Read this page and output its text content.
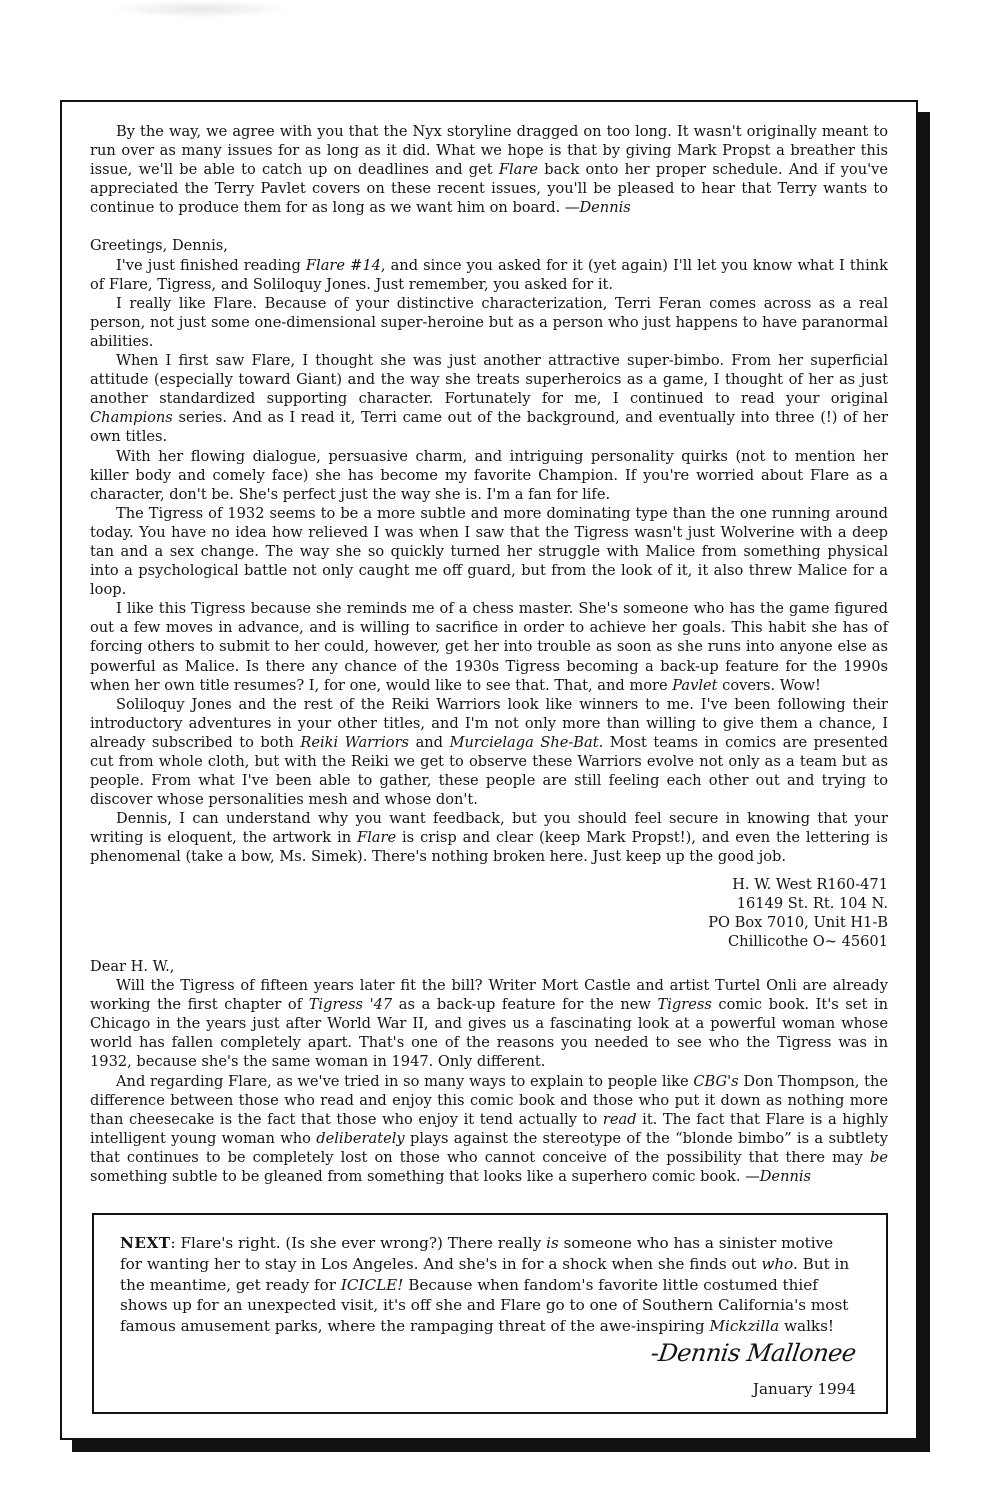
By the way, we agree with you that the Nyx storyline dragged on too long. It wasn't originally meant to run over as many issues for as long as it did. What we hope is that by giving Mark Propst a breather this issue, we'll be able to catch up on deadlines and get Flare back onto her proper schedule. And if you've appreciated the Terry Pavlet covers on these recent issues, you'll be pleased to hear that Terry wants to continue to produce them for as long as we want him on board. —Dennis

Greetings, Dennis,

I've just finished reading Flare #14, and since you asked for it (yet again) I'll let you know what I think of Flare, Tigress, and Soliloquy Jones. Just remember, you asked for it.

I really like Flare. Because of your distinctive characterization, Terri Feran comes across as a real person, not just some one-dimensional super-heroine but as a person who just happens to have paranormal abilities.

When I first saw Flare, I thought she was just another attractive super-bimbo. From her superficial attitude (especially toward Giant) and the way she treats superheroics as a game, I thought of her as just another standardized supporting character. Fortunately for me, I continued to read your original Champions series. And as I read it, Terri came out of the background, and eventually into three (!) of her own titles.

With her flowing dialogue, persuasive charm, and intriguing personality quirks (not to mention her killer body and comely face) she has become my favorite Champion. If you're worried about Flare as a character, don't be. She's perfect just the way she is. I'm a fan for life.

The Tigress of 1932 seems to be a more subtle and more dominating type than the one running around today. You have no idea how relieved I was when I saw that the Tigress wasn't just Wolverine with a deep tan and a sex change. The way she so quickly turned her struggle with Malice from something physical into a psychological battle not only caught me off guard, but from the look of it, it also threw Malice for a loop.

I like this Tigress because she reminds me of a chess master. She's someone who has the game figured out a few moves in advance, and is willing to sacrifice in order to achieve her goals. This habit she has of forcing others to submit to her could, however, get her into trouble as soon as she runs into anyone else as powerful as Malice. Is there any chance of the 1930s Tigress becoming a back-up feature for the 1990s when her own title resumes? I, for one, would like to see that. That, and more Pavlet covers. Wow!

Soliloquy Jones and the rest of the Reiki Warriors look like winners to me. I've been following their introductory adventures in your other titles, and I'm not only more than willing to give them a chance, I already subscribed to both Reiki Warriors and Murcielaga She-Bat. Most teams in comics are presented cut from whole cloth, but with the Reiki we get to observe these Warriors evolve not only as a team but as people. From what I've been able to gather, these people are still feeling each other out and trying to discover whose personalities mesh and whose don't.

Dennis, I can understand why you want feedback, but you should feel secure in knowing that your writing is eloquent, the artwork in Flare is crisp and clear (keep Mark Propst!), and even the lettering is phenomenal (take a bow, Ms. Simek). There's nothing broken here. Just keep up the good job.

H. W. West R160-471
16149 St. Rt. 104 N.
PO Box 7010, Unit H1-B
Chillicothe O~ 45601

Dear H. W.,

Will the Tigress of fifteen years later fit the bill? Writer Mort Castle and artist Turtel Onli are already working the first chapter of Tigress '47 as a back-up feature for the new Tigress comic book. It's set in Chicago in the years just after World War II, and gives us a fascinating look at a powerful woman whose world has fallen completely apart. That's one of the reasons you needed to see who the Tigress was in 1932, because she's the same woman in 1947. Only different.

And regarding Flare, as we've tried in so many ways to explain to people like CBG's Don Thompson, the difference between those who read and enjoy this comic book and those who put it down as nothing more than cheesecake is the fact that those who enjoy it tend actually to read it. The fact that Flare is a highly intelligent young woman who deliberately plays against the stereotype of the “blonde bimbo” is a subtlety that continues to be completely lost on those who cannot conceive of the possibility that there may be something subtle to be gleaned from something that looks like a superhero comic book. —Dennis

NEXT: Flare's right. (Is she ever wrong?) There really is someone who has a sinister motive for wanting her to stay in Los Angeles. And she's in for a shock when she finds out who. But in the meantime, get ready for ICICLE! Because when fandom's favorite little costumed thief shows up for an unexpected visit, it's off she and Flare go to one of Southern California's most famous amusement parks, where the rampaging threat of the awe-inspiring Mickzilla walks!
-Dennis Mallonee
January 1994
